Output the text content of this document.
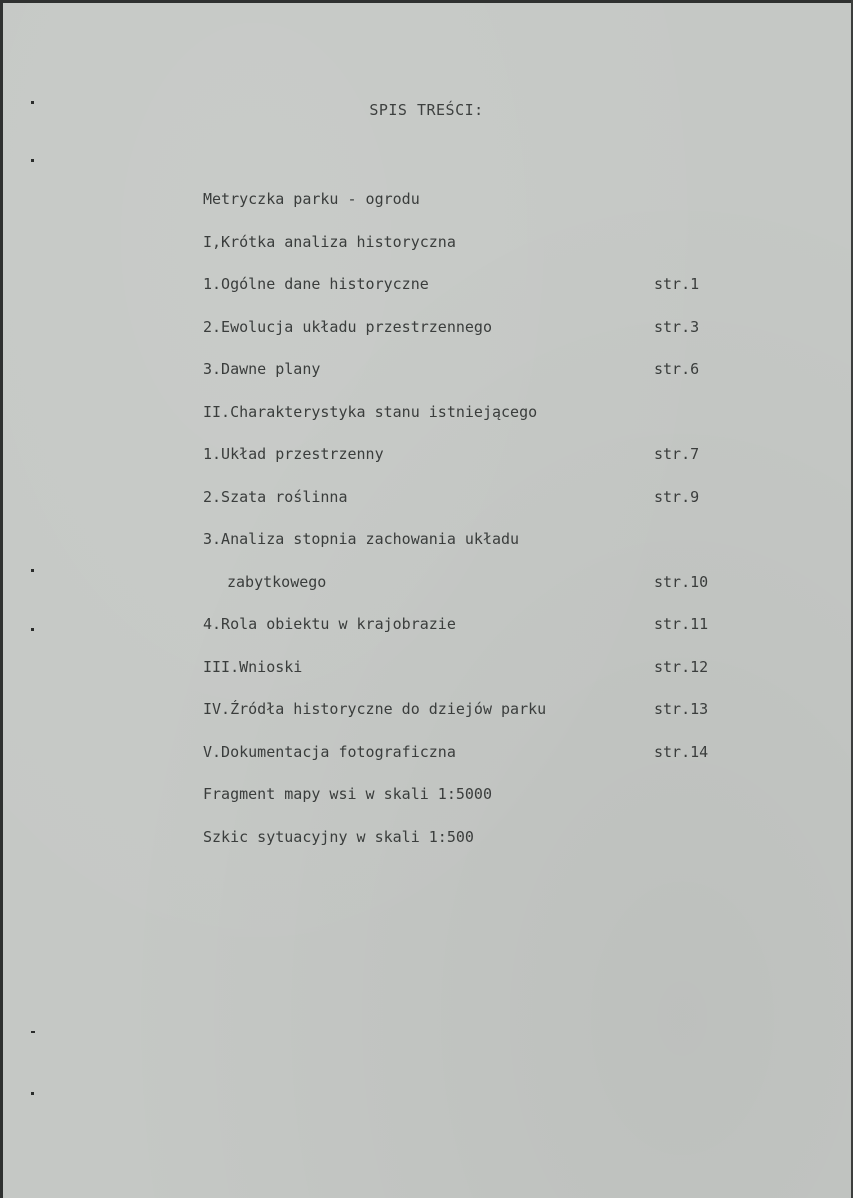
SPIS TREŚCI:
Metryczka parku - ogrodu
I,Krótka analiza historyczna
1.Ogólne dane historyczne	str.1
2.Ewolucja układu przestrzennego	str.3
3.Dawne plany	str.6
II.Charakterystyka stanu istniejącego
1.Układ przestrzenny	str.7
2.Szata roślinna	str.9
3.Analiza stopnia zachowania układu
zabytkowego	str.10
4.Rola obiektu w krajobrazie	str.11
III.Wnioski	str.12
IV.Źródła historyczne do dziejów parku	str.13
V.Dokumentacja fotograficzna	str.14
Fragment mapy wsi w skali 1:5000
Szkic sytuacyjny w skali 1:500
